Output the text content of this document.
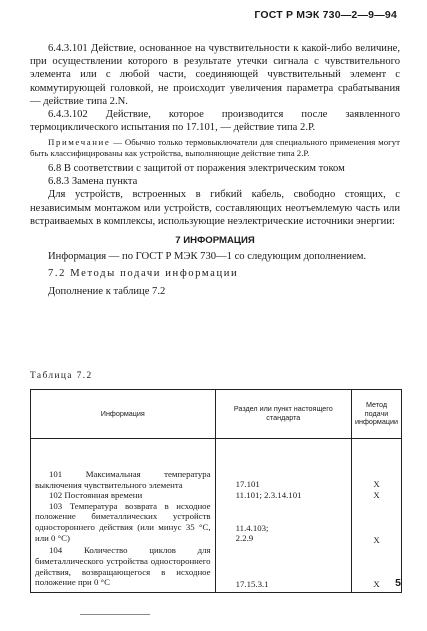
ГОСТ Р МЭК 730—2—9—94

6.4.3.101 Действие, основанное на чувствительности к какой-либо величине, при осуществлении которого в результате утечки сигнала с чувствительного элемента или с любой части, соединяющей чувствительный элемент с коммутирующей головкой, не происходит увеличения параметра срабатывания — действие типа 2.N.

6.4.3.102 Действие, которое производится после заявленного термоциклического испытания по 17.101, — действие типа 2.Р.

Примечание — Обычно только термовыключатели для специального применения могут быть классифицированы как устройства, выполняющие действие типа 2.Р.

6.8 В соответствии с защитой от поражения электрическим током

6.8.3 Замена пункта

Для устройств, встроенных в гибкий кабель, свободно стоящих, с независимым монтажом или устройств, составляющих неотъемлемую часть или встраиваемых в комплексы, использующие неэлектрические источники энергии:

7 ИНФОРМАЦИЯ

Информация — по ГОСТ Р МЭК 730—1 со следующим дополнением.

7.2 Методы подачи информации

Дополнение к таблице 7.2

Таблица 7.2
Информация	Раздел или пункт настоящего стандарта	Метод подачи информации

101 Максимальная температура выключения чувствительного элемента	17.101	X

102 Постоянная времени	11.101; 2.3.14.101	X

103 Температура возврата в исходное положение биметаллических устройств одностороннего действия (или минус 35 °С, или 0 °С)	11.4.103;
2.2.9	X

104 Количество циклов для биметаллического устройства одностороннего действия, возвращающегося в исходное положение при 0 °С	17.15.3.1	X	5
